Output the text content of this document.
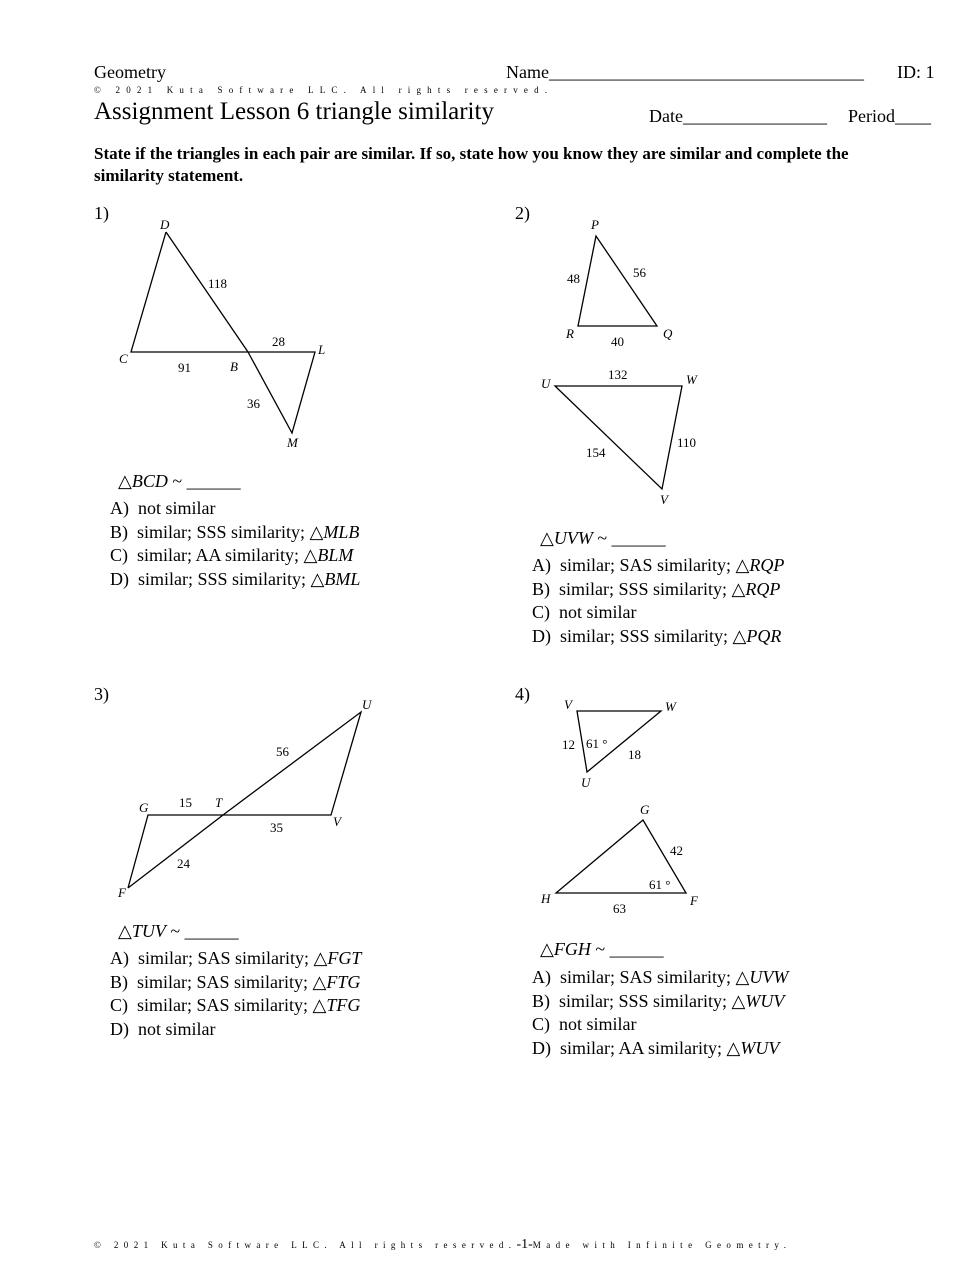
Geometry	Name___________________________________ ID: 1
© 2021 Kuta Software LLC. All rights reserved.
Assignment Lesson 6 triangle similarity	Date________________ Period____
State if the triangles in each pair are similar. If so, state how you know they are similar and complete the similarity statement.
1)
D
C
B
L
M
118
91
28
36
P
R	Q
48	56
40
U	W
V
132
154
110
U
G	T
V
F
56
15
35
24
V	W
U
12 61 °
18
G
H	F
42
61 °
63
△BCD ~ ______
A) not similar
B) similar; SSS similarity; △MLB
C) similar; AA similarity; △BLM
D) similar; SSS similarity; △BML
2)
△UVW ~ ______
A) similar; SAS similarity; △RQP
B) similar; SSS similarity; △RQP
C) not similar
D) similar; SSS similarity; △PQR
3)
△TUV ~ ______
A) similar; SAS similarity; △FGT
B) similar; SAS similarity; △FTG
C) similar; SAS similarity; △TFG
D) not similar
4)
△FGH ~ ______
A) similar; SAS similarity; △UVW
B) similar; SSS similarity; △WUV
C) not similar
D) similar; AA similarity; △WUV
© 2021 Kuta Software LLC. All rights reserved.-1-Made with Infinite Geometry.
